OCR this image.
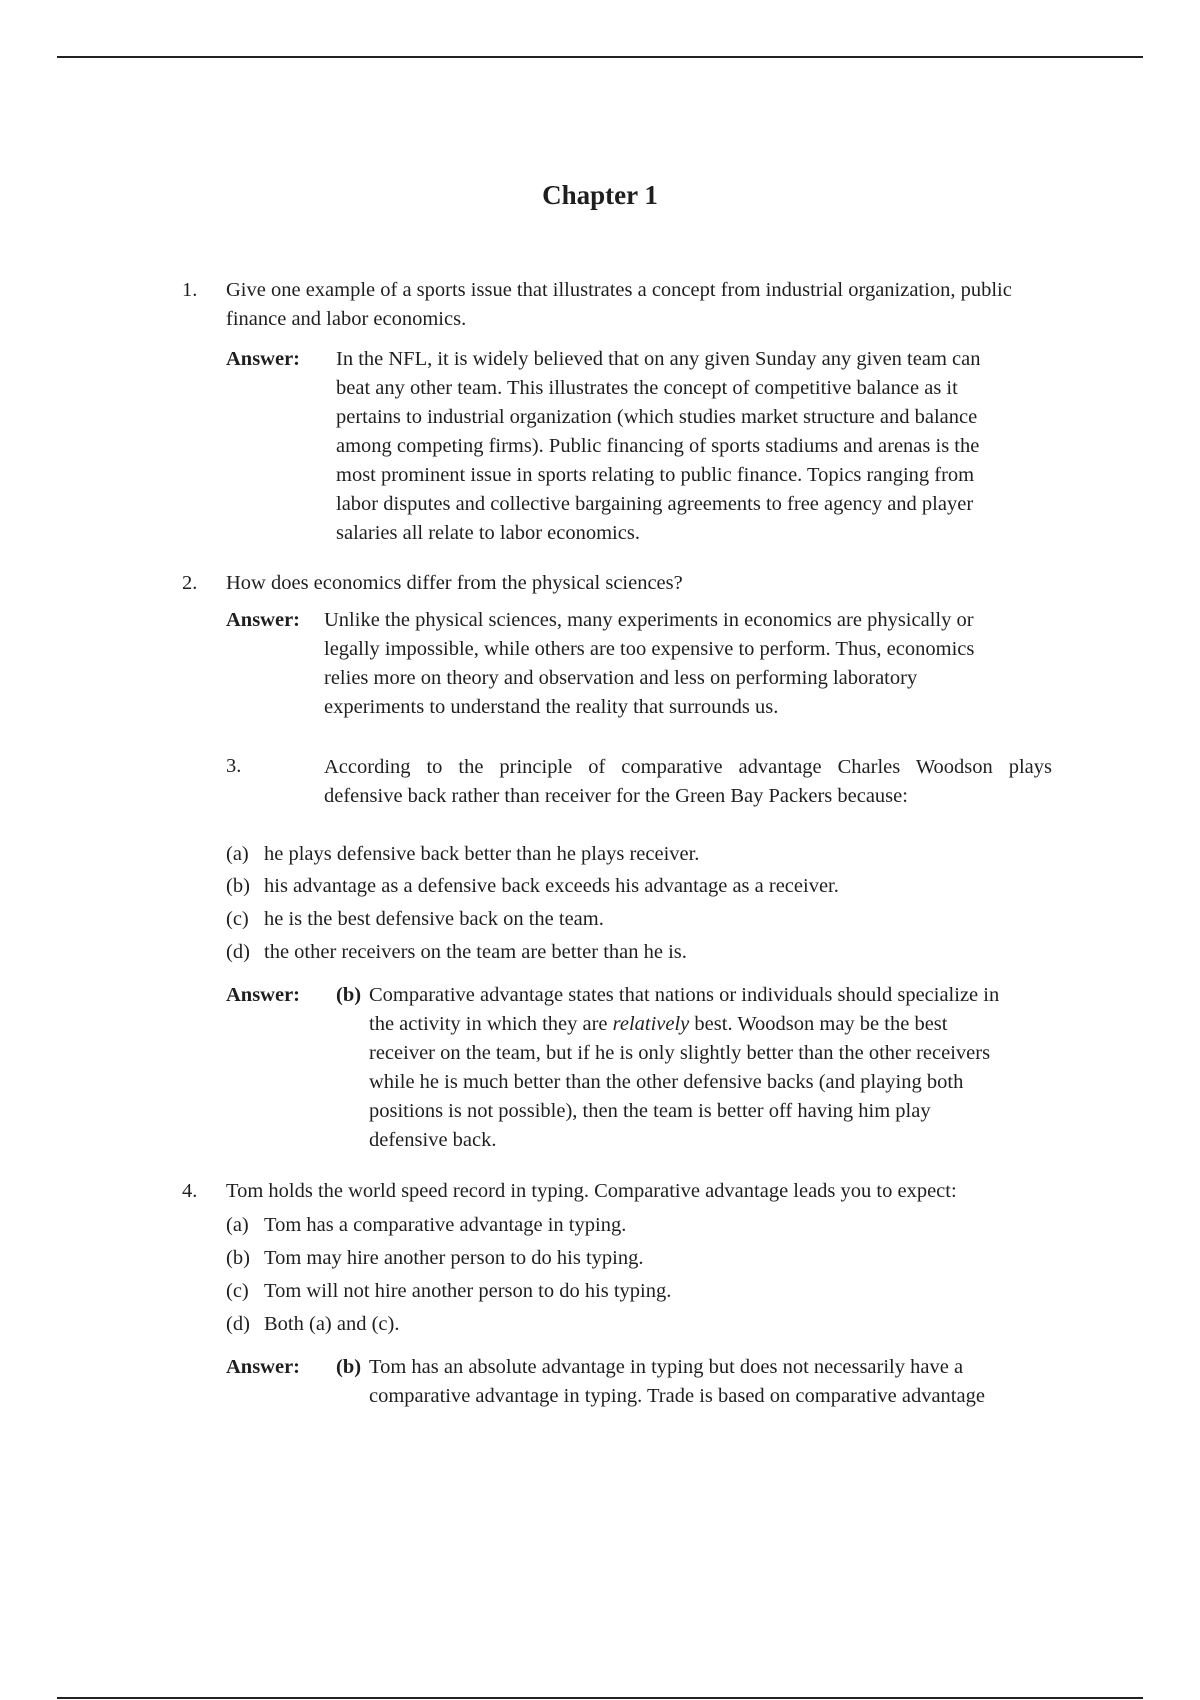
Chapter 1
1. Give one example of a sports issue that illustrates a concept from industrial organization, public finance and labor economics.
Answer: In the NFL, it is widely believed that on any given Sunday any given team can
beat any other team. This illustrates the concept of competitive balance as it
pertains to industrial organization (which studies market structure and balance
among competing firms). Public financing of sports stadiums and arenas is the
most prominent issue in sports relating to public finance. Topics ranging from
labor disputes and collective bargaining agreements to free agency and player
salaries all relate to labor economics.
2. How does economics differ from the physical sciences?
Answer: Unlike the physical sciences, many experiments in economics are physically or
legally impossible, while others are too expensive to perform. Thus, economics
relies more on theory and observation and less on performing laboratory
experiments to understand the reality that surrounds us.
3.	According to the principle of comparative advantage Charles Woodson plays
defensive back rather than receiver for the Green Bay Packers because:
(a) he plays defensive back better than he plays receiver.
(b) his advantage as a defensive back exceeds his advantage as a receiver.
(c) he is the best defensive back on the team.
(d) the other receivers on the team are better than he is.
Answer: (b) Comparative advantage states that nations or individuals should specialize in
the activity in which they are relatively best. Woodson may be the best
receiver on the team, but if he is only slightly better than the other receivers
while he is much better than the other defensive backs (and playing both
positions is not possible), then the team is better off having him play
defensive back.
4. Tom holds the world speed record in typing. Comparative advantage leads you to expect:
(a) Tom has a comparative advantage in typing.
(b) Tom may hire another person to do his typing.
(c) Tom will not hire another person to do his typing.
(d) Both (a) and (c).
Answer: (b) Tom has an absolute advantage in typing but does not necessarily have a
comparative advantage in typing. Trade is based on comparative advantage
